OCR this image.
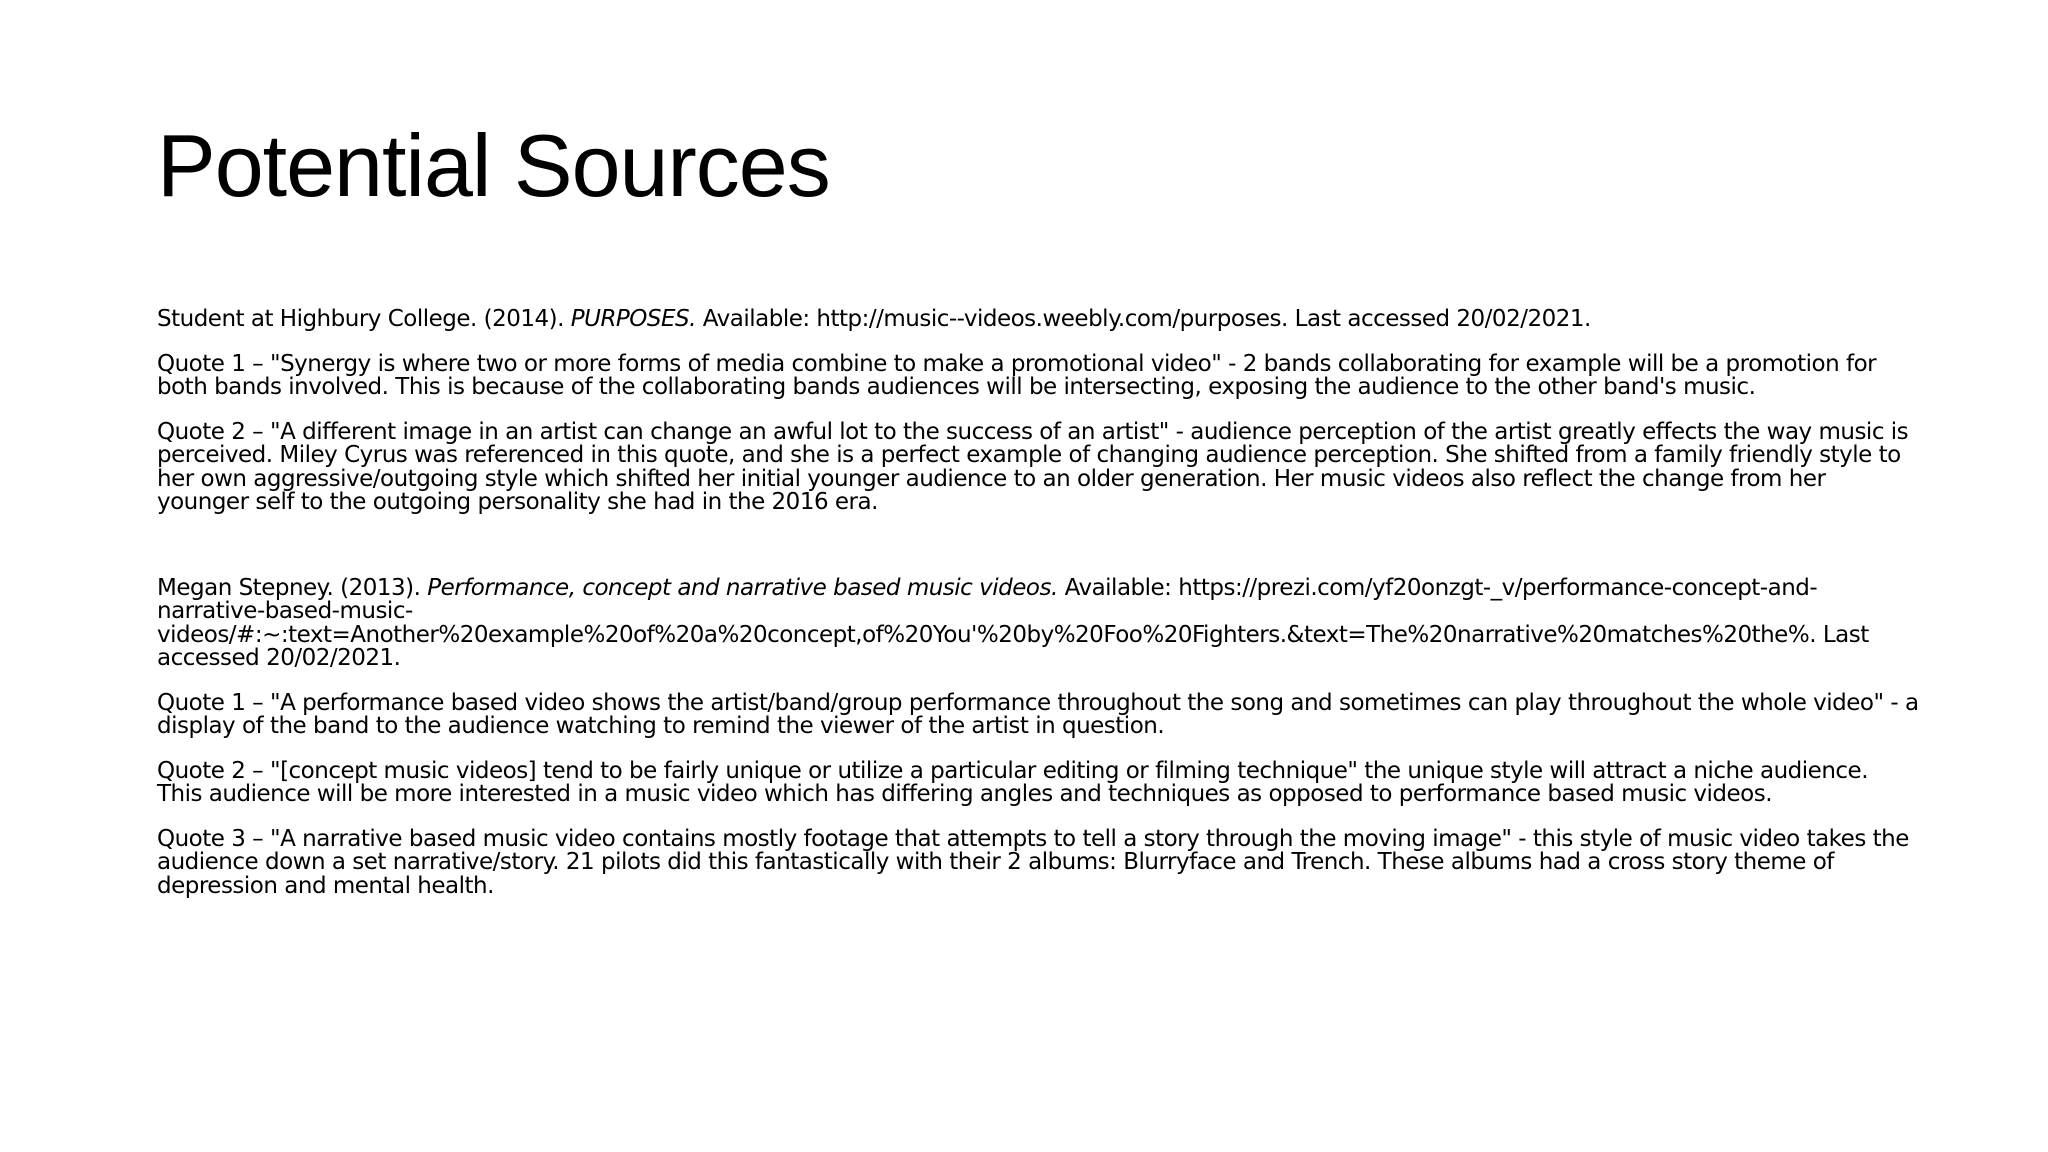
Potential Sources

Student at Highbury College. (2014). PURPOSES. Available: http://music--videos.weebly.com/purposes. Last accessed 20/02/2021.

Quote 1 – "Synergy is where two or more forms of media combine to make a promotional video" - 2 bands collaborating for example will be a promotion for both bands involved. This is because of the collaborating bands audiences will be intersecting, exposing the audience to the other band's music.

Quote 2 – "A different image in an artist can change an awful lot to the success of an artist" - audience perception of the artist greatly effects the way music is perceived. Miley Cyrus was referenced in this quote, and she is a perfect example of changing audience perception. She shifted from a family friendly style to her own aggressive/outgoing style which shifted her initial younger audience to an older generation. Her music videos also reflect the change from her younger self to the outgoing personality she had in the 2016 era.

Megan Stepney. (2013). Performance, concept and narrative based music videos. Available: https://prezi.com/yf20onzgt-_v/performance-concept-and-
narrative-based-music-
videos/#:~:text=Another%20example%20of%20a%20concept,of%20You'%20by%20Foo%20Fighters.&text=The%20narrative%20matches%20the%. Last accessed 20/02/2021.

Quote 1 – "A performance based video shows the artist/band/group performance throughout the song and sometimes can play throughout the whole video" - a display of the band to the audience watching to remind the viewer of the artist in question.

Quote 2 – "[concept music videos] tend to be fairly unique or utilize a particular editing or filming technique" the unique style will attract a niche audience. This audience will be more interested in a music video which has differing angles and techniques as opposed to performance based music videos.

Quote 3 – "A narrative based music video contains mostly footage that attempts to tell a story through the moving image" - this style of music video takes the audience down a set narrative/story. 21 pilots did this fantastically with their 2 albums: Blurryface and Trench. These albums had a cross story theme of depression and mental health.
